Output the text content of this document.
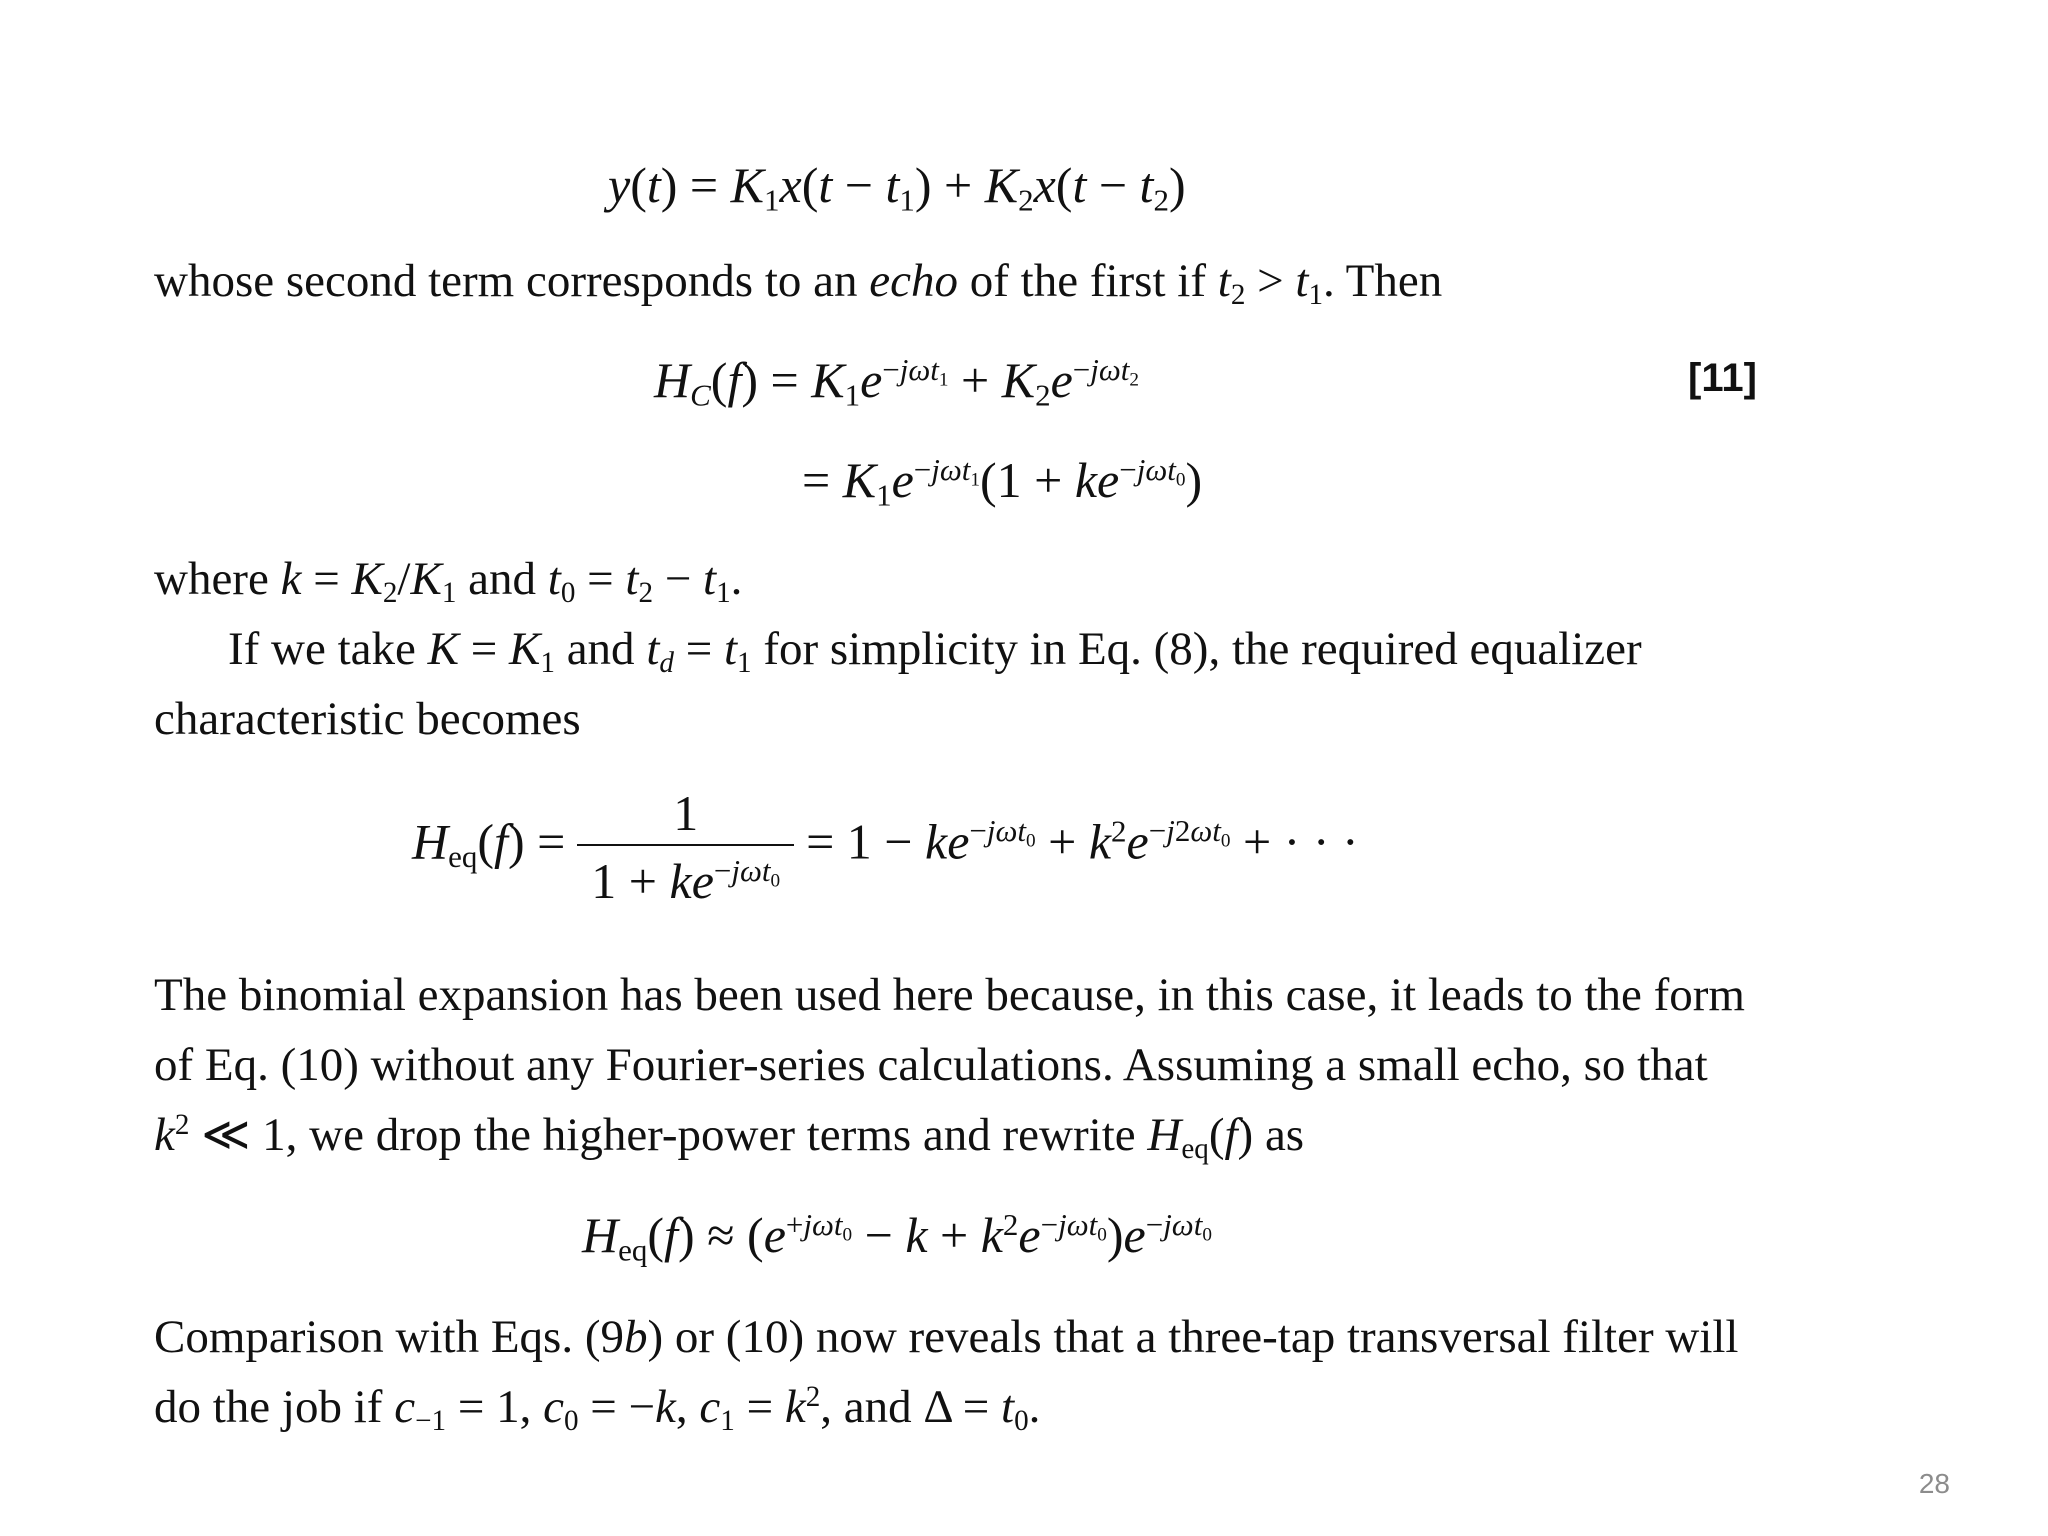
$y(t) = K_1x(t - t_1) + K_2x(t - t_2)$
whose second term corresponds to an echo of the first if $t_2 > t_1$. Then
$H_C(f) = K_1e^{-j\omega t_1} + K_2e^{-j\omega t_2}$	[11]
= $K_1e^{-j\omega t_1}(1 + ke^{-j\omega t_0})$
where $k = K_2/K_1$ and $t_0 = t_2 - t_1$.
If we take $K = K_1$ and $t_d = t_1$ for simplicity in Eq. (8), the required equalizer
characteristic becomes
$H_{eq}(f) = \frac{1}{1 + ke^{-j\omega t_0}} = 1 - ke^{-j\omega t_0} + k^2e^{-j2\omega t_0}$ + · · ·
The binomial expansion has been used here because, in this case, it leads to the form
of Eq. (10) without any Fourier-series calculations. Assuming a small echo, so that
$k^2$ ≪ 1, we drop the higher-power terms and rewrite $H_{eq}(f)$ as
$H_{eq}(f) \approx (e^{+j\omega t_0} - k + k^2e^{-j\omega t_0})e^{-j\omega t_0}$
Comparison with Eqs. (9b) or (10) now reveals that a three-tap transversal filter will
do the job if $c_{-1} = 1$, $c_0 = -k$, $c_1 = k^2$, and $\Delta = t_0$.
28
